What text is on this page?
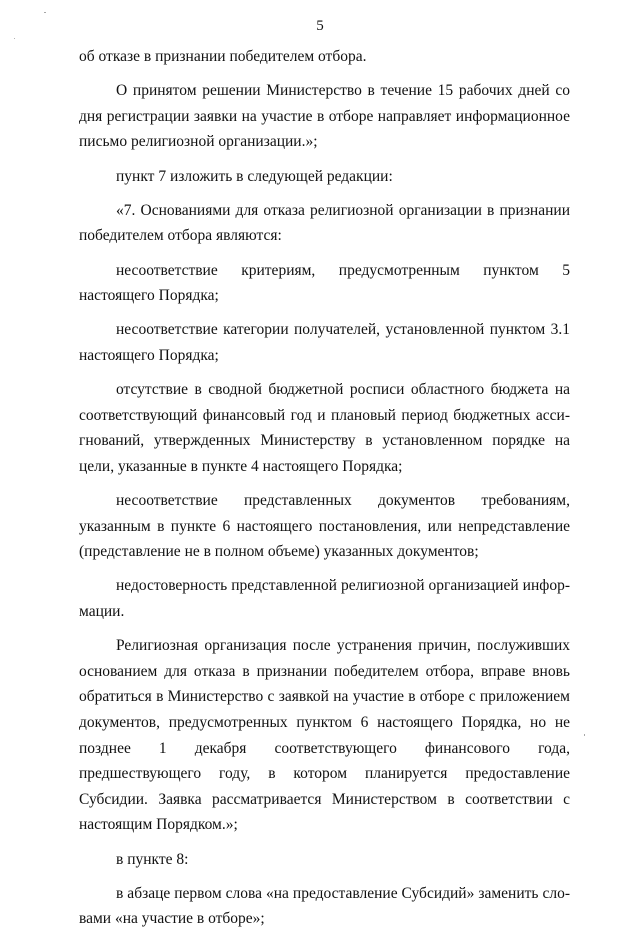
5

об отказе в признании победителем отбора.

О принятом решении Министерство в течение 15 рабочих дней со дня регистрации заявки на участие в отборе направляет информационное письмо религиозной организации.»;

пункт 7 изложить в следующей редакции:

«7. Основаниями для отказа религиозной организации в признании победителем отбора являются:

несоответствие критериям, предусмотренным пунктом 5 настоящего Порядка;

несоответствие категории получателей, установленной пунктом 3.1 настоящего Порядка;

отсутствие в сводной бюджетной росписи областного бюджета на соответствующий финансовый год и плановый период бюджетных ассигнований, утвержденных Министерству в установленном порядке на цели, указанные в пункте 4 настоящего Порядка;

несоответствие представленных документов требованиям, указанным в пункте 6 настоящего постановления, или непредставление (представление не в полном объеме) указанных документов;

недостоверность представленной религиозной организацией информации.

Религиозная организация после устранения причин, послуживших основанием для отказа в признании победителем отбора, вправе вновь обратиться в Министерство с заявкой на участие в отборе с приложением документов, предусмотренных пунктом 6 настоящего Порядка, но не позднее 1 декабря соответствующего финансового года, предшествующего году, в котором планируется предоставление Субсидии. Заявка рассматривается Министерством в соответствии с настоящим Порядком.»;

в пункте 8:

в абзаце первом слова «на предоставление Субсидий» заменить словами «на участие в отборе»;
